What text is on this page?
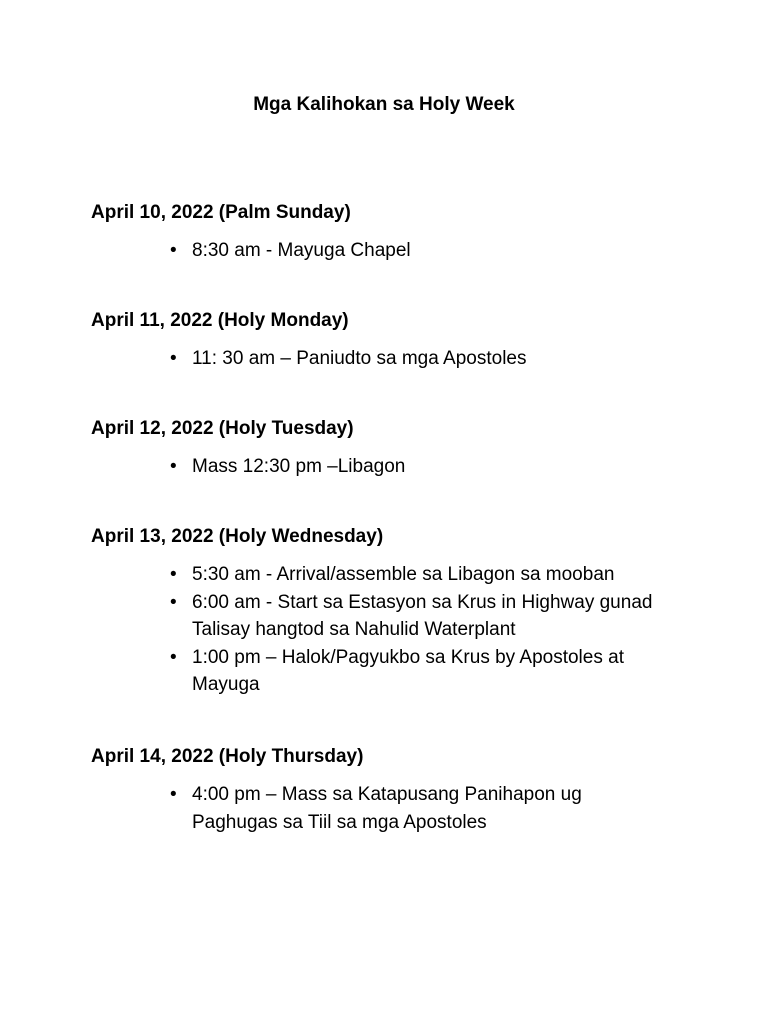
Mga Kalihokan sa Holy Week

April 10, 2022 (Palm Sunday)

• 8:30 am - Mayuga Chapel

April 11, 2022 (Holy Monday)

• 11: 30 am – Paniudto sa mga Apostoles

April 12, 2022 (Holy Tuesday)

• Mass 12:30 pm –Libagon

April 13, 2022 (Holy Wednesday)

• 5:30 am - Arrival/assemble sa Libagon sa mooban
• 6:00 am - Start sa Estasyon sa Krus in Highway gunad Talisay hangtod sa Nahulid Waterplant
• 1:00 pm – Halok/Pagyukbo sa Krus by Apostoles at Mayuga

April 14, 2022 (Holy Thursday)

• 4:00 pm – Mass sa Katapusang Panihapon ug Paghugas sa Tiil sa mga Apostoles
